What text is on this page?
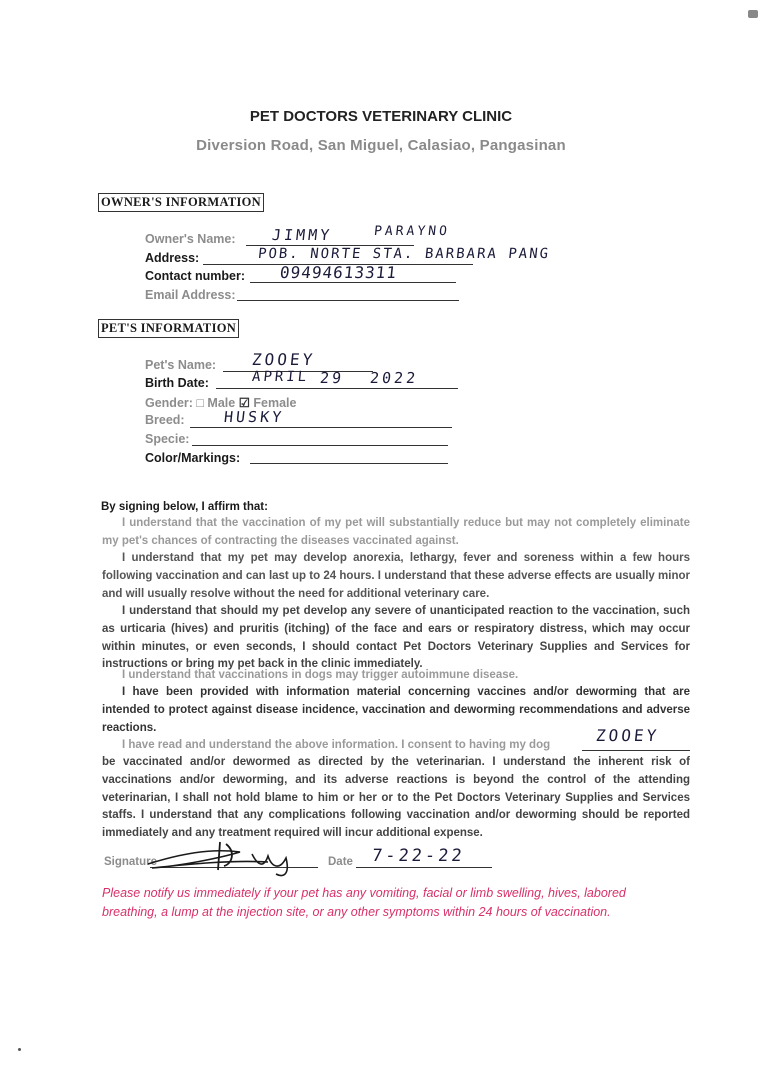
PET DOCTORS VETERINARY CLINIC
Diversion Road, San Miguel, Calasiao, Pangasinan
OWNER'S INFORMATION
Owner's Name: JIMMY	PARAYNO
Address:	POB. NORTE STA. BARBARA PANG
Contact number: 09494613311
Email Address:
PET'S INFORMATION
Pet's Name: ZOOEY
Birth Date:	APRIL 29 2022
Gender: □ Male ☑ Female
Breed:	HUSKY
Specie:
Color/Markings:
By signing below, I affirm that:
I understand that the vaccination of my pet will substantially reduce but may not completely eliminate my pet's chances of contracting the diseases vaccinated against.
I understand that my pet may develop anorexia, lethargy, fever and soreness within a few hours following vaccination and can last up to 24 hours. I understand that these adverse effects are usually minor and will usually resolve without the need for additional veterinary care.
I understand that should my pet develop any severe of unanticipated reaction to the vaccination, such as urticaria (hives) and pruritis (itching) of the face and ears or respiratory distress, which may occur within minutes, or even seconds, I should contact Pet Doctors Veterinary Supplies and Services for instructions or bring my pet back in the clinic immediately.
I understand that vaccinations in dogs may trigger autoimmune disease.
I have been provided with information material concerning vaccines and/or deworming that are intended to protect against disease incidence, vaccination and deworming recommendations and adverse reactions.
I have read and understand the above information. I consent to having my dog	ZOOEY
be vaccinated and/or dewormed as directed by the veterinarian. I understand the inherent risk of vaccinations and/or deworming, and its adverse reactions is beyond the control of the attending veterinarian, I shall not hold blame to him or her or to the Pet Doctors Veterinary Supplies and Services staffs. I understand that any complications following vaccination and/or deworming should be reported immediately and any treatment required will incur additional expense.
Signature	Date 7-22-22
Please notify us immediately if your pet has any vomiting, facial or limb swelling, hives, labored breathing, a lump at the injection site, or any other symptoms within 24 hours of vaccination.
